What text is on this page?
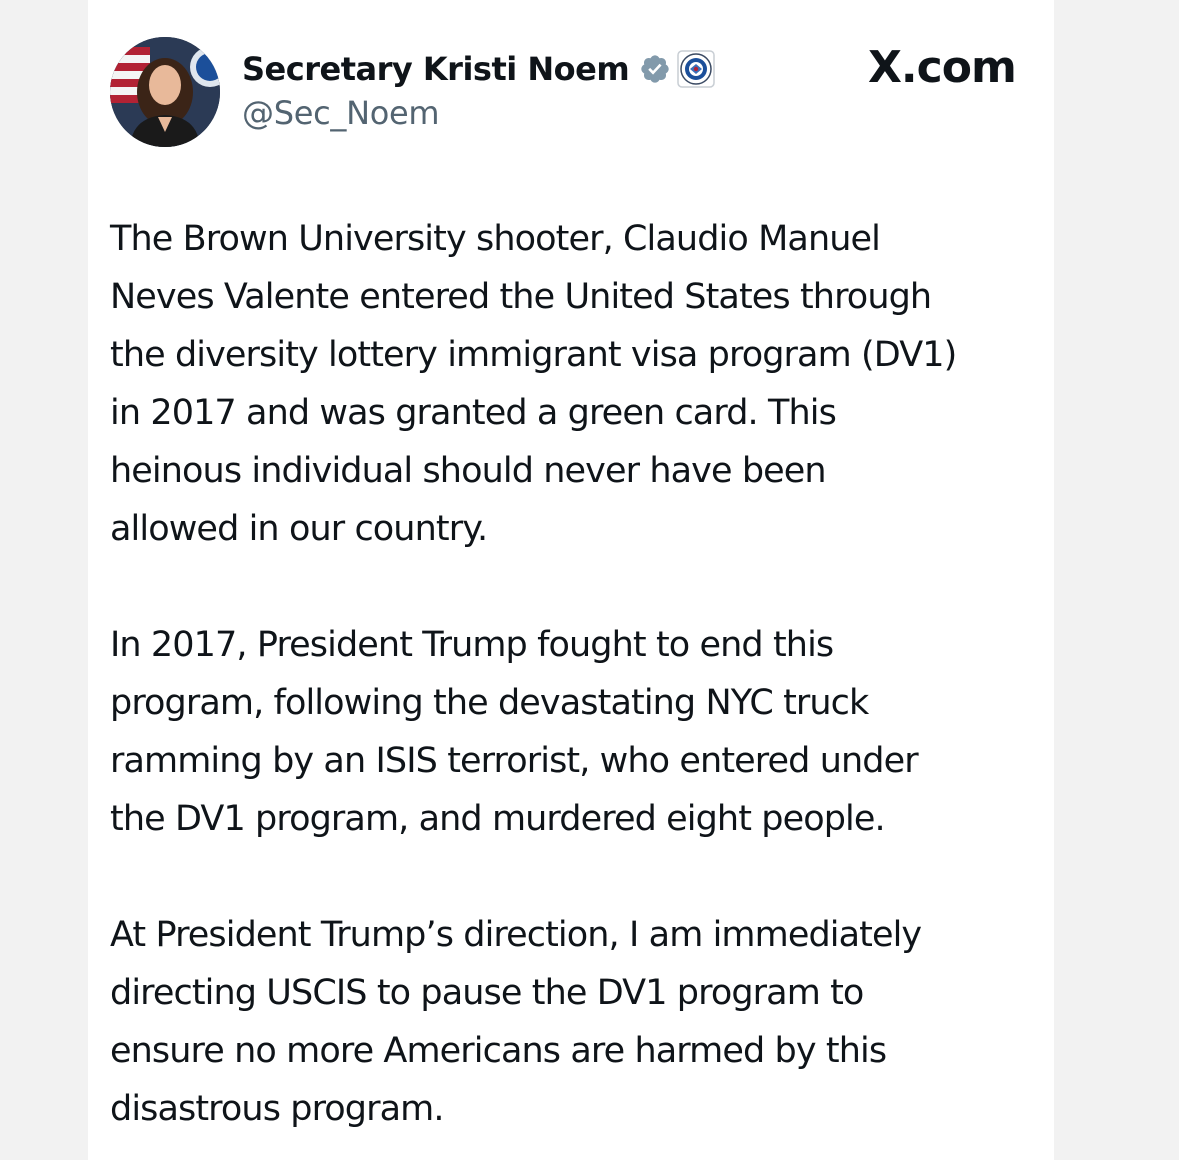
Secretary Kristi Noem
@Sec_Noem
X.com

The Brown University shooter, Claudio Manuel
Neves Valente entered the United States through
the diversity lottery immigrant visa program (DV1)
in 2017 and was granted a green card. This
heinous individual should never have been
allowed in our country.

In 2017, President Trump fought to end this
program, following the devastating NYC truck
ramming by an ISIS terrorist, who entered under
the DV1 program, and murdered eight people.

At President Trump’s direction, I am immediately
directing USCIS to pause the DV1 program to
ensure no more Americans are harmed by this
disastrous program.
